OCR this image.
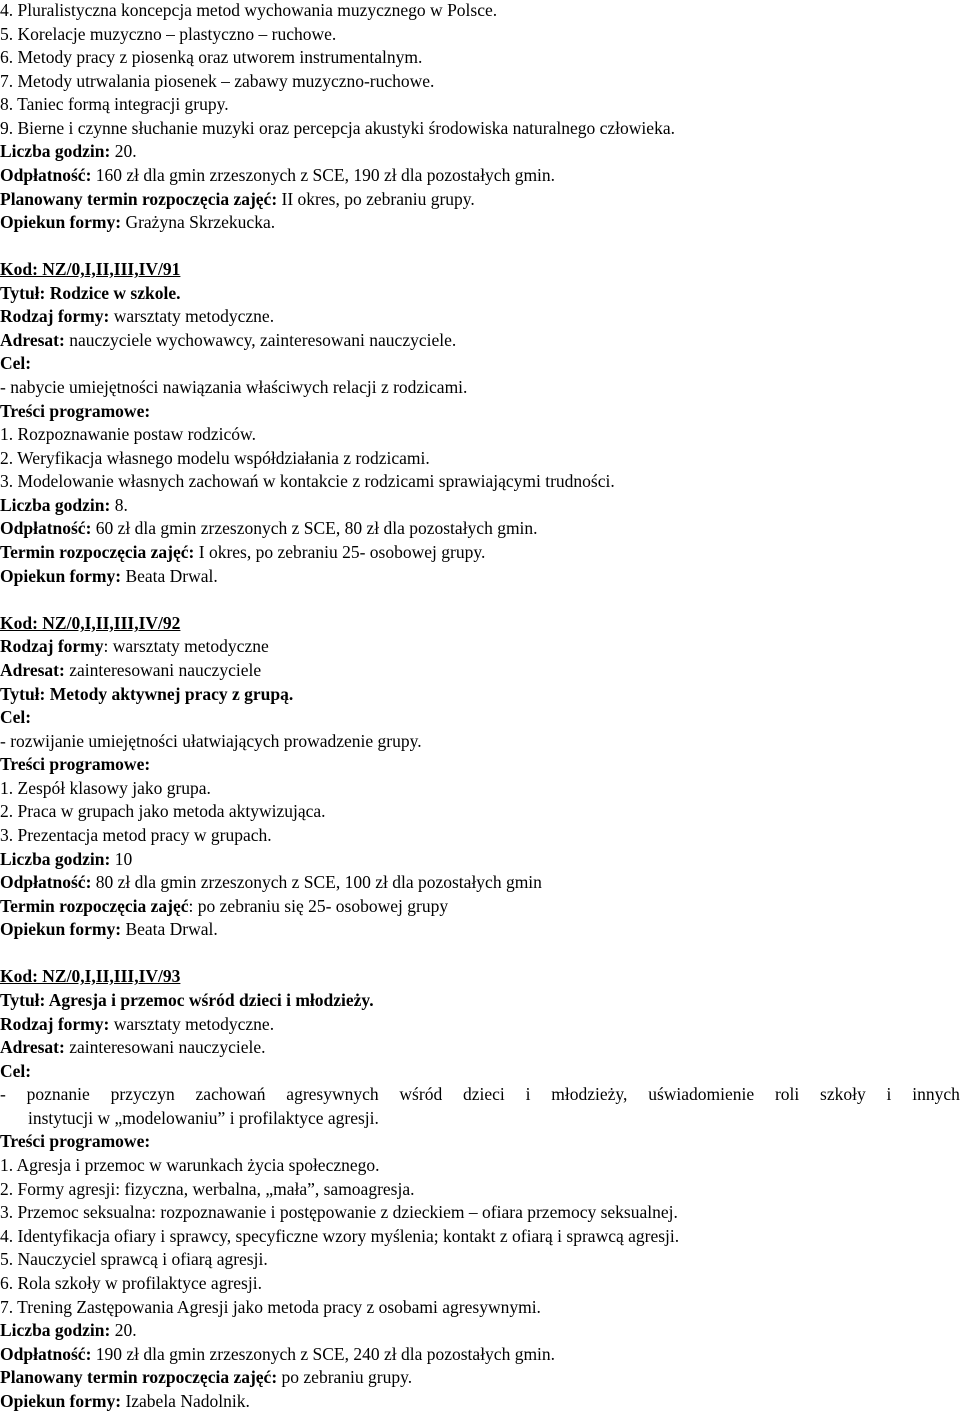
4. Pluralistyczna koncepcja metod wychowania muzycznego w Polsce.
5. Korelacje muzyczno – plastyczno – ruchowe.
6. Metody pracy z piosenką oraz utworem instrumentalnym.
7. Metody utrwalania piosenek – zabawy muzyczno-ruchowe.
8. Taniec formą integracji grupy.
9. Bierne i czynne słuchanie muzyki oraz percepcja akustyki środowiska naturalnego człowieka.
Liczba godzin: 20.
Odpłatność: 160 zł dla gmin zrzeszonych z SCE, 190 zł dla pozostałych gmin.
Planowany termin rozpoczęcia zajęć: II okres, po zebraniu grupy.
Opiekun formy: Grażyna Skrzekucka.
Kod: NZ/0,I,II,III,IV/91
Tytuł: Rodzice w szkole.
Rodzaj formy: warsztaty metodyczne.
Adresat: nauczyciele wychowawcy, zainteresowani nauczyciele.
Cel:
- nabycie umiejętności nawiązania właściwych relacji z rodzicami.
Treści programowe:
1. Rozpoznawanie postaw rodziców.
2. Weryfikacja własnego modelu współdziałania z rodzicami.
3. Modelowanie własnych zachowań w kontakcie z rodzicami sprawiającymi trudności.
Liczba godzin: 8.
Odpłatność: 60 zł dla gmin zrzeszonych z SCE, 80 zł dla pozostałych gmin.
Termin rozpoczęcia zajęć: I okres, po zebraniu 25- osobowej grupy.
Opiekun formy: Beata Drwal.
Kod: NZ/0,I,II,III,IV/92
Rodzaj formy: warsztaty metodyczne
Adresat: zainteresowani nauczyciele
Tytuł: Metody aktywnej pracy z grupą.
Cel:
- rozwijanie umiejętności ułatwiających prowadzenie grupy.
Treści programowe:
1. Zespół klasowy jako grupa.
2. Praca w grupach jako metoda aktywizująca.
3. Prezentacja metod pracy w grupach.
Liczba godzin: 10
Odpłatność: 80 zł dla gmin zrzeszonych z SCE, 100 zł dla pozostałych gmin
Termin rozpoczęcia zajęć: po zebraniu się 25- osobowej grupy
Opiekun formy: Beata Drwal.
Kod: NZ/0,I,II,III,IV/93
Tytuł: Agresja i przemoc wśród dzieci i młodzieży.
Rodzaj formy: warsztaty metodyczne.
Adresat: zainteresowani nauczyciele.
Cel:
- poznanie przyczyn zachowań agresywnych wśród dzieci i młodzieży, uświadomienie roli szkoły i innych
instytucji w „modelowaniu” i profilaktyce agresji.
Treści programowe:
1. Agresja i przemoc w warunkach życia społecznego.
2. Formy agresji: fizyczna, werbalna, „mała”, samoagresja.
3. Przemoc seksualna: rozpoznawanie i postępowanie z dzieckiem – ofiara przemocy seksualnej.
4. Identyfikacja ofiary i sprawcy, specyficzne wzory myślenia; kontakt z ofiarą i sprawcą agresji.
5. Nauczyciel sprawcą i ofiarą agresji.
6. Rola szkoły w profilaktyce agresji.
7. Trening Zastępowania Agresji jako metoda pracy z osobami agresywnymi.
Liczba godzin: 20.
Odpłatność: 190 zł dla gmin zrzeszonych z SCE, 240 zł dla pozostałych gmin.
Planowany termin rozpoczęcia zajęć: po zebraniu grupy.
Opiekun formy: Izabela Nadolnik.
